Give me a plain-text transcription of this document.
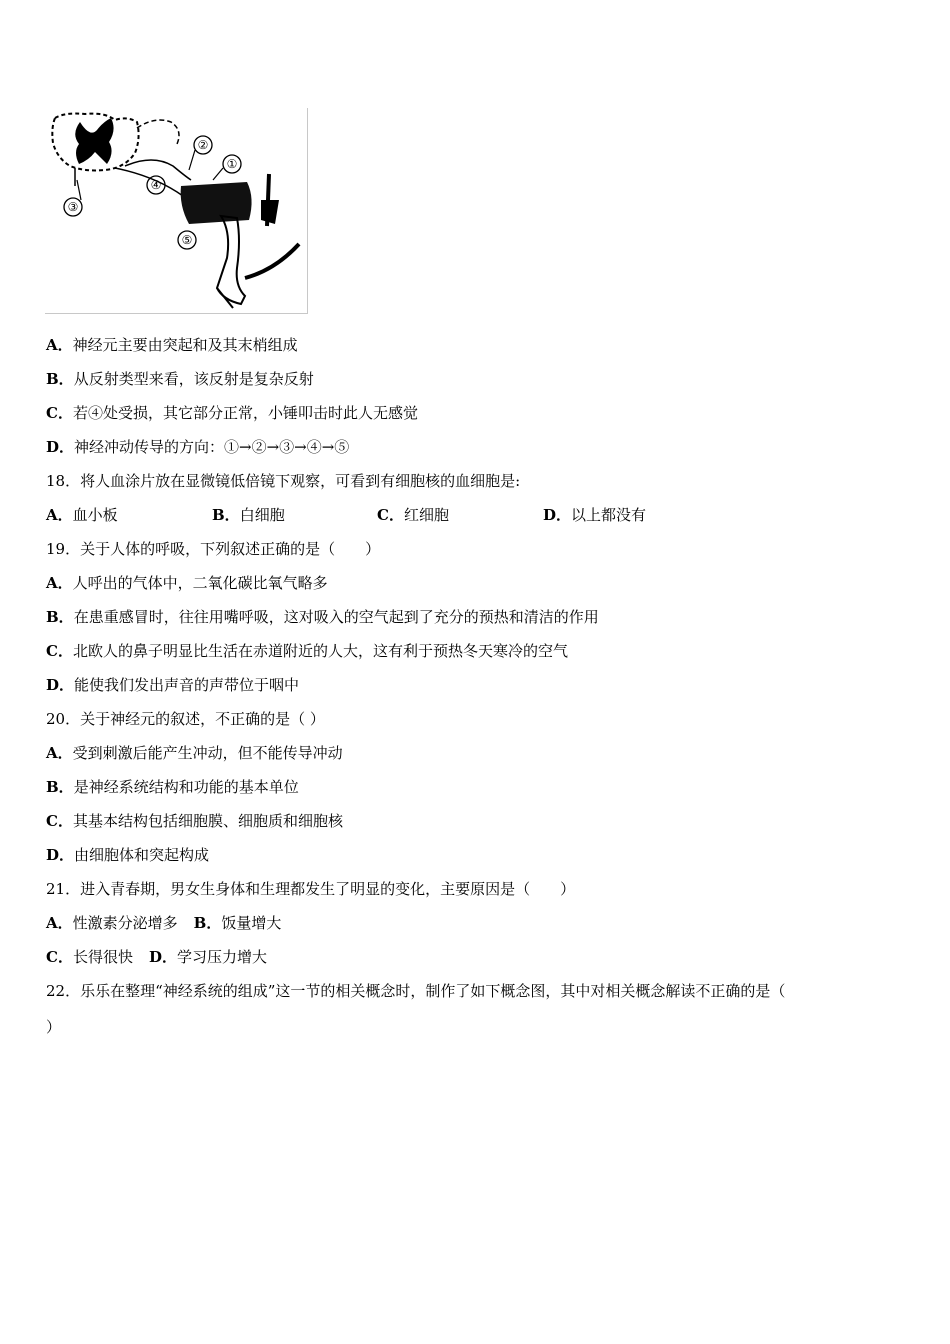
①
②
③
④
⑤
A．神经元主要由突起和及其末梢组成
B．从反射类型来看，该反射是复杂反射
C．若④处受损，其它部分正常，小锤叩击时此人无感觉
D．神经冲动传导的方向：①→②→③→④→⑤
18．将人血涂片放在显微镜低倍镜下观察，可看到有细胞核的血细胞是:
A．血小板	B．白细胞	C．红细胞	D．以上都没有
19．关于人体的呼吸，下列叙述正确的是（　　）
A．人呼出的气体中，二氧化碳比氧气略多
B．在患重感冒时，往往用嘴呼吸，这对吸入的空气起到了充分的预热和清洁的作用
C．北欧人的鼻子明显比生活在赤道附近的人大，这有利于预热冬天寒冷的空气
D．能使我们发出声音的声带位于咽中
20．关于神经元的叙述，不正确的是（ ）
A．受到刺激后能产生冲动，但不能传导冲动
B．是神经系统结构和功能的基本单位
C．其基本结构包括细胞膜、细胞质和细胞核
D．由细胞体和突起构成
21．进入青春期，男女生身体和生理都发生了明显的变化，主要原因是（　　）
A．性激素分泌增多 B．饭量增大
C．长得很快 D．学习压力增大
22．乐乐在整理“神经系统的组成”这一节的相关概念时，制作了如下概念图，其中对相关概念解读不正确的是（
）
